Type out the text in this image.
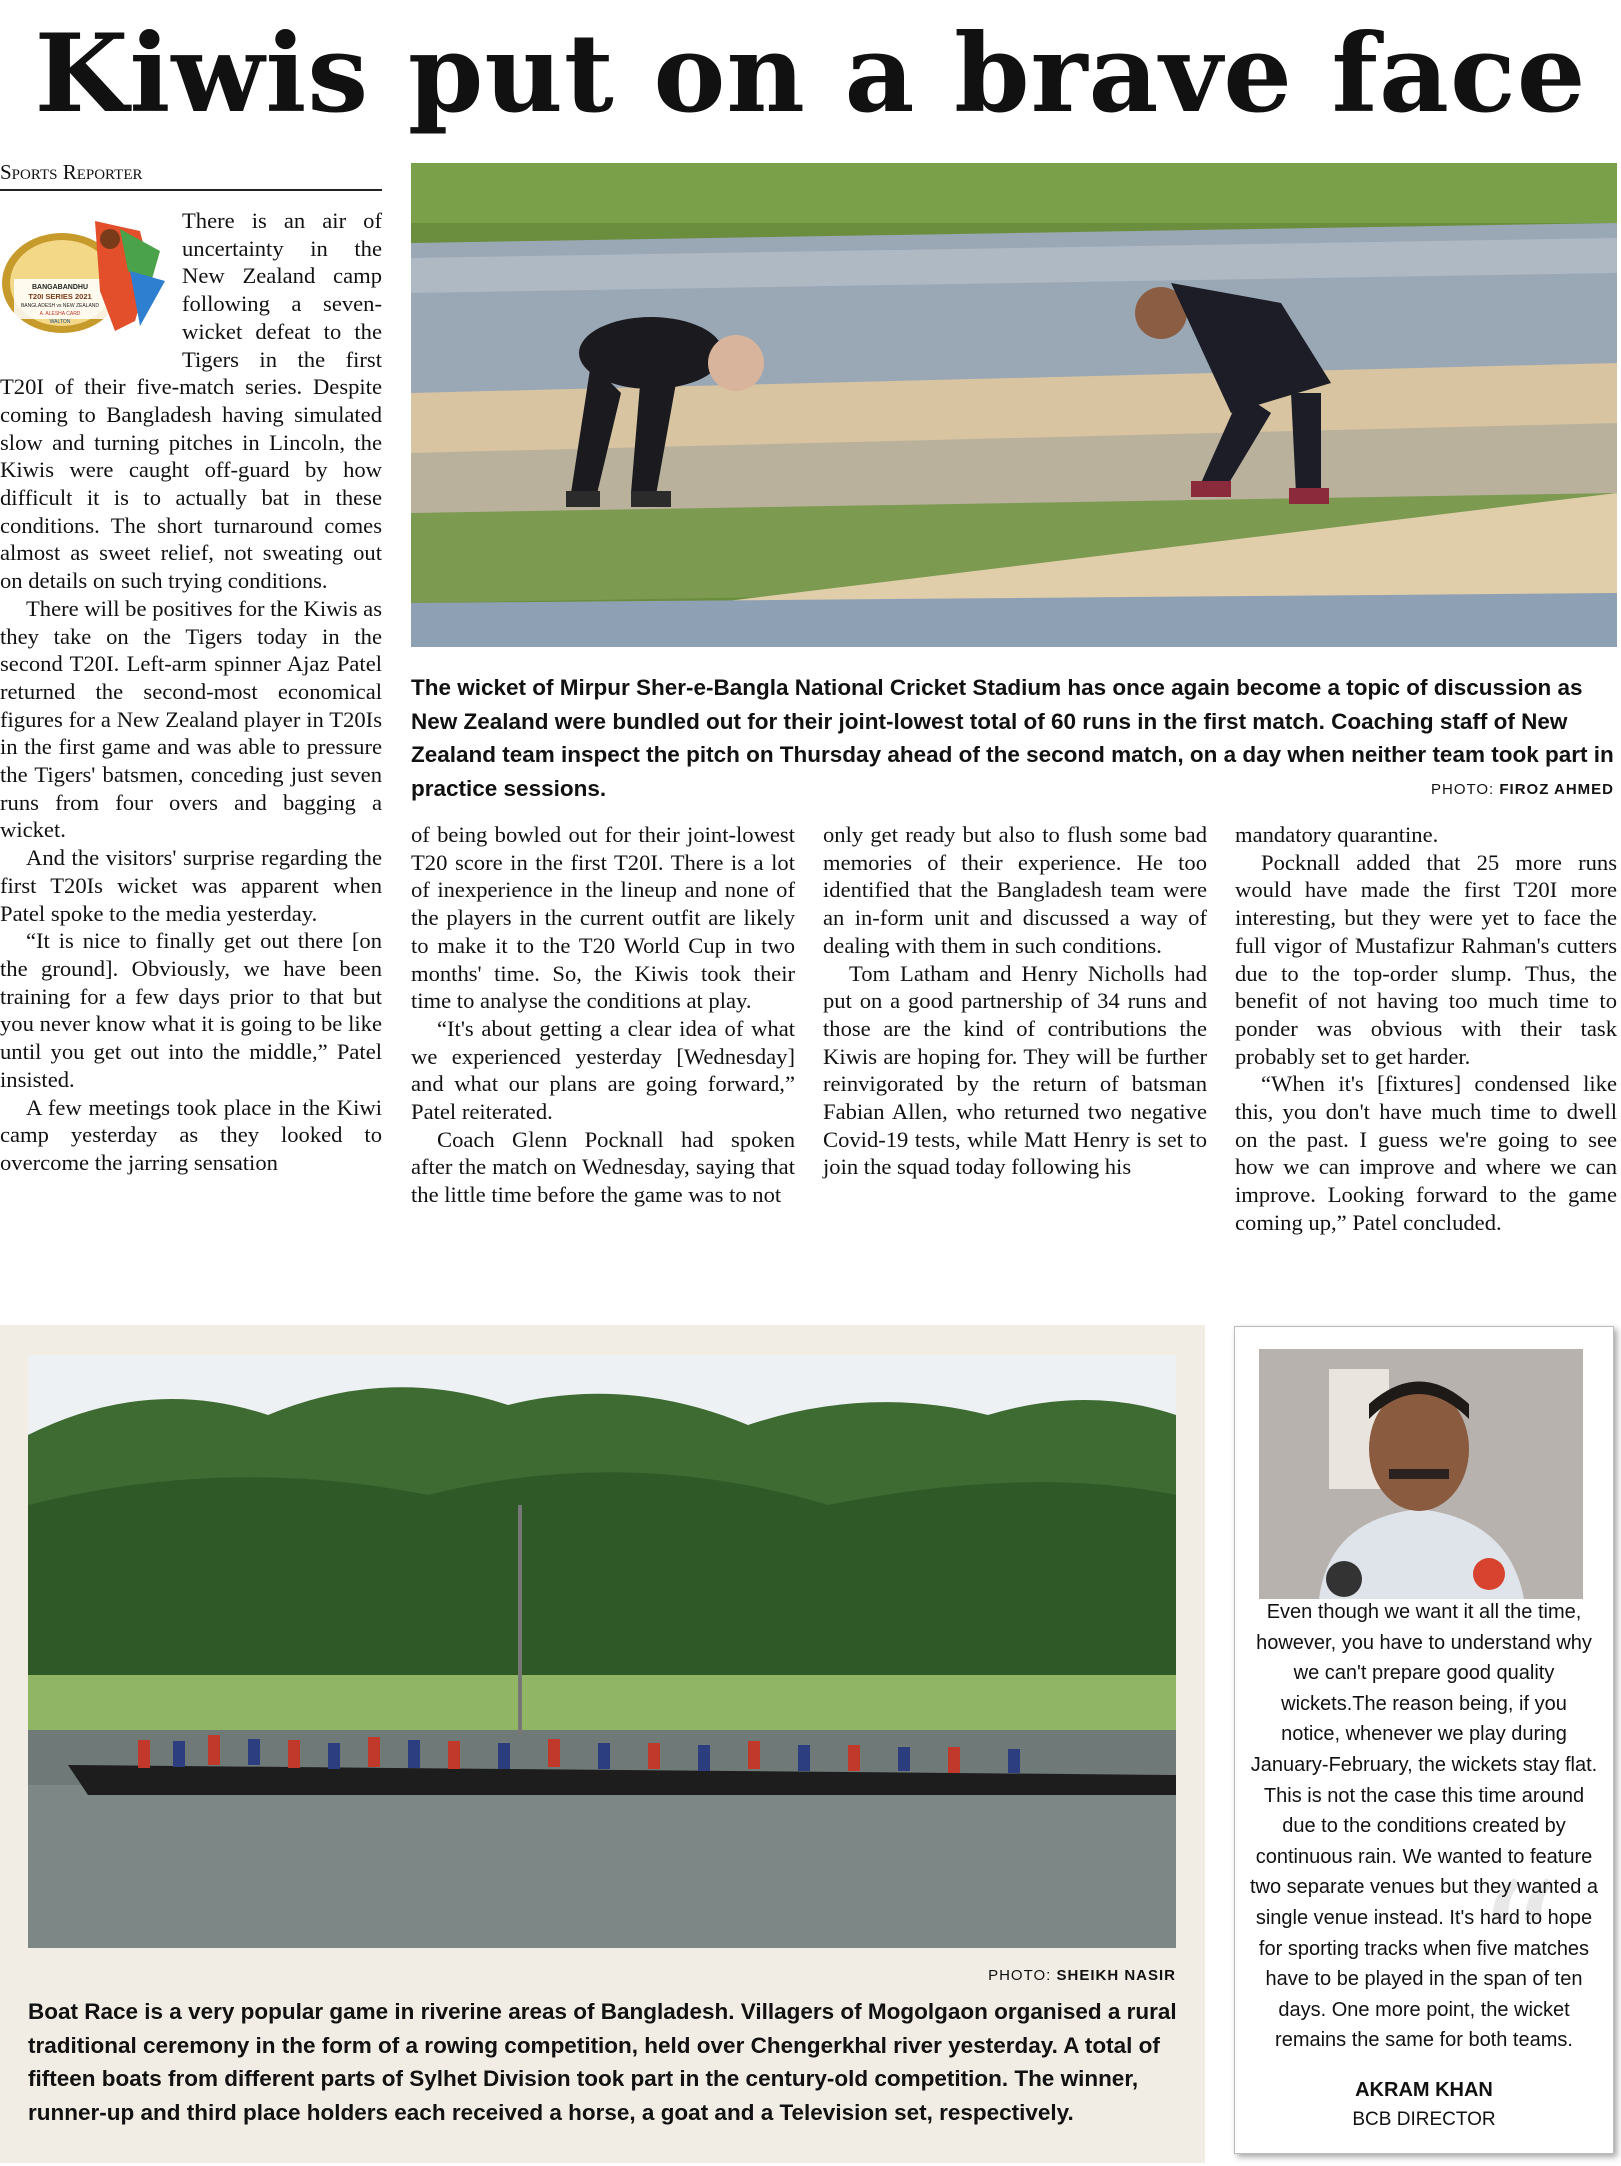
Kiwis put on a brave face
Sports Reporter
BANGABANDHU
T20I SERIES 2021
BANGLADESH vs NEW ZEALAND
A. ALESHA CARD
WALTON

There is an air of uncertainty in the New Zealand camp following a seven-wicket defeat to the Tigers in the first T20I of their five-match series. Despite coming to Bangladesh having simulated slow and turning pitches in Lincoln, the Kiwis were caught off-guard by how difficult it is to actually bat in these conditions. The short turnaround comes almost as sweet relief, not sweating out on details on such trying conditions.

There will be positives for the Kiwis as they take on the Tigers today in the second T20I. Left-arm spinner Ajaz Patel returned the second-most economical figures for a New Zealand player in T20Is in the first game and was able to pressure the Tigers' batsmen, conceding just seven runs from four overs and bagging a wicket.

And the visitors' surprise regarding the first T20Is wicket was apparent when Patel spoke to the media yesterday.

“It is nice to finally get out there [on the ground]. Obviously, we have been training for a few days prior to that but you never know what it is going to be like until you get out into the middle,” Patel insisted.

A few meetings took place in the Kiwi camp yesterday as they looked to overcome the jarring sensation

The wicket of Mirpur Sher-e-Bangla National Cricket Stadium has once again become a topic of discussion as New Zealand were bundled out for their joint-lowest total of 60 runs in the first match. Coaching staff of New Zealand team inspect the pitch on Thursday ahead of the second match, on a day when neither team took part in practice sessions.	PHOTO: FIROZ AHMED

of being bowled out for their joint-lowest T20 score in the first T20I. There is a lot of inexperience in the lineup and none of the players in the current outfit are likely to make it to the T20 World Cup in two months' time. So, the Kiwis took their time to analyse the conditions at play.

“It's about getting a clear idea of what we experienced yesterday [Wednesday] and what our plans are going forward,” Patel reiterated.

Coach Glenn Pocknall had spoken after the match on Wednesday, saying that the little time before the game was to not

only get ready but also to flush some bad memories of their experience. He too identified that the Bangladesh team were an in-form unit and discussed a way of dealing with them in such conditions.

Tom Latham and Henry Nicholls had put on a good partnership of 34 runs and those are the kind of contributions the Kiwis are hoping for. They will be further reinvigorated by the return of batsman Fabian Allen, who returned two negative Covid-19 tests, while Matt Henry is set to join the squad today following his

mandatory quarantine.

Pocknall added that 25 more runs would have made the first T20I more interesting, but they were yet to face the full vigor of Mustafizur Rahman's cutters due to the top-order slump. Thus, the benefit of not having too much time to ponder was obvious with their task probably set to get harder.

“When it's [fixtures] condensed like this, you don't have much time to dwell on the past. I guess we're going to see how we can improve and where we can improve. Looking forward to the game coming up,” Patel concluded.

PHOTO: SHEIKH NASIR
Boat Race is a very popular game in riverine areas of Bangladesh. Villagers of Mogolgaon organised a rural traditional ceremony in the form of a rowing competition, held over Chengerkhal river yesterday. A total of fifteen boats from different parts of Sylhet Division took part in the century-old competition. The winner, runner-up and third place holders each received a horse, a goat and a Television set, respectively.
“
Even though we want it all the time, however, you have to understand why we can't prepare good quality wickets.The reason being, if you notice, whenever we play during January-February, the wickets stay flat. This is not the case this time around due to the conditions created by continuous rain. We wanted to feature two separate venues but they wanted a single venue instead. It's hard to hope for sporting tracks when five matches have to be played in the span of ten days. One more point, the wicket remains the same for both teams.
AKRAM KHAN
BCB DIRECTOR
